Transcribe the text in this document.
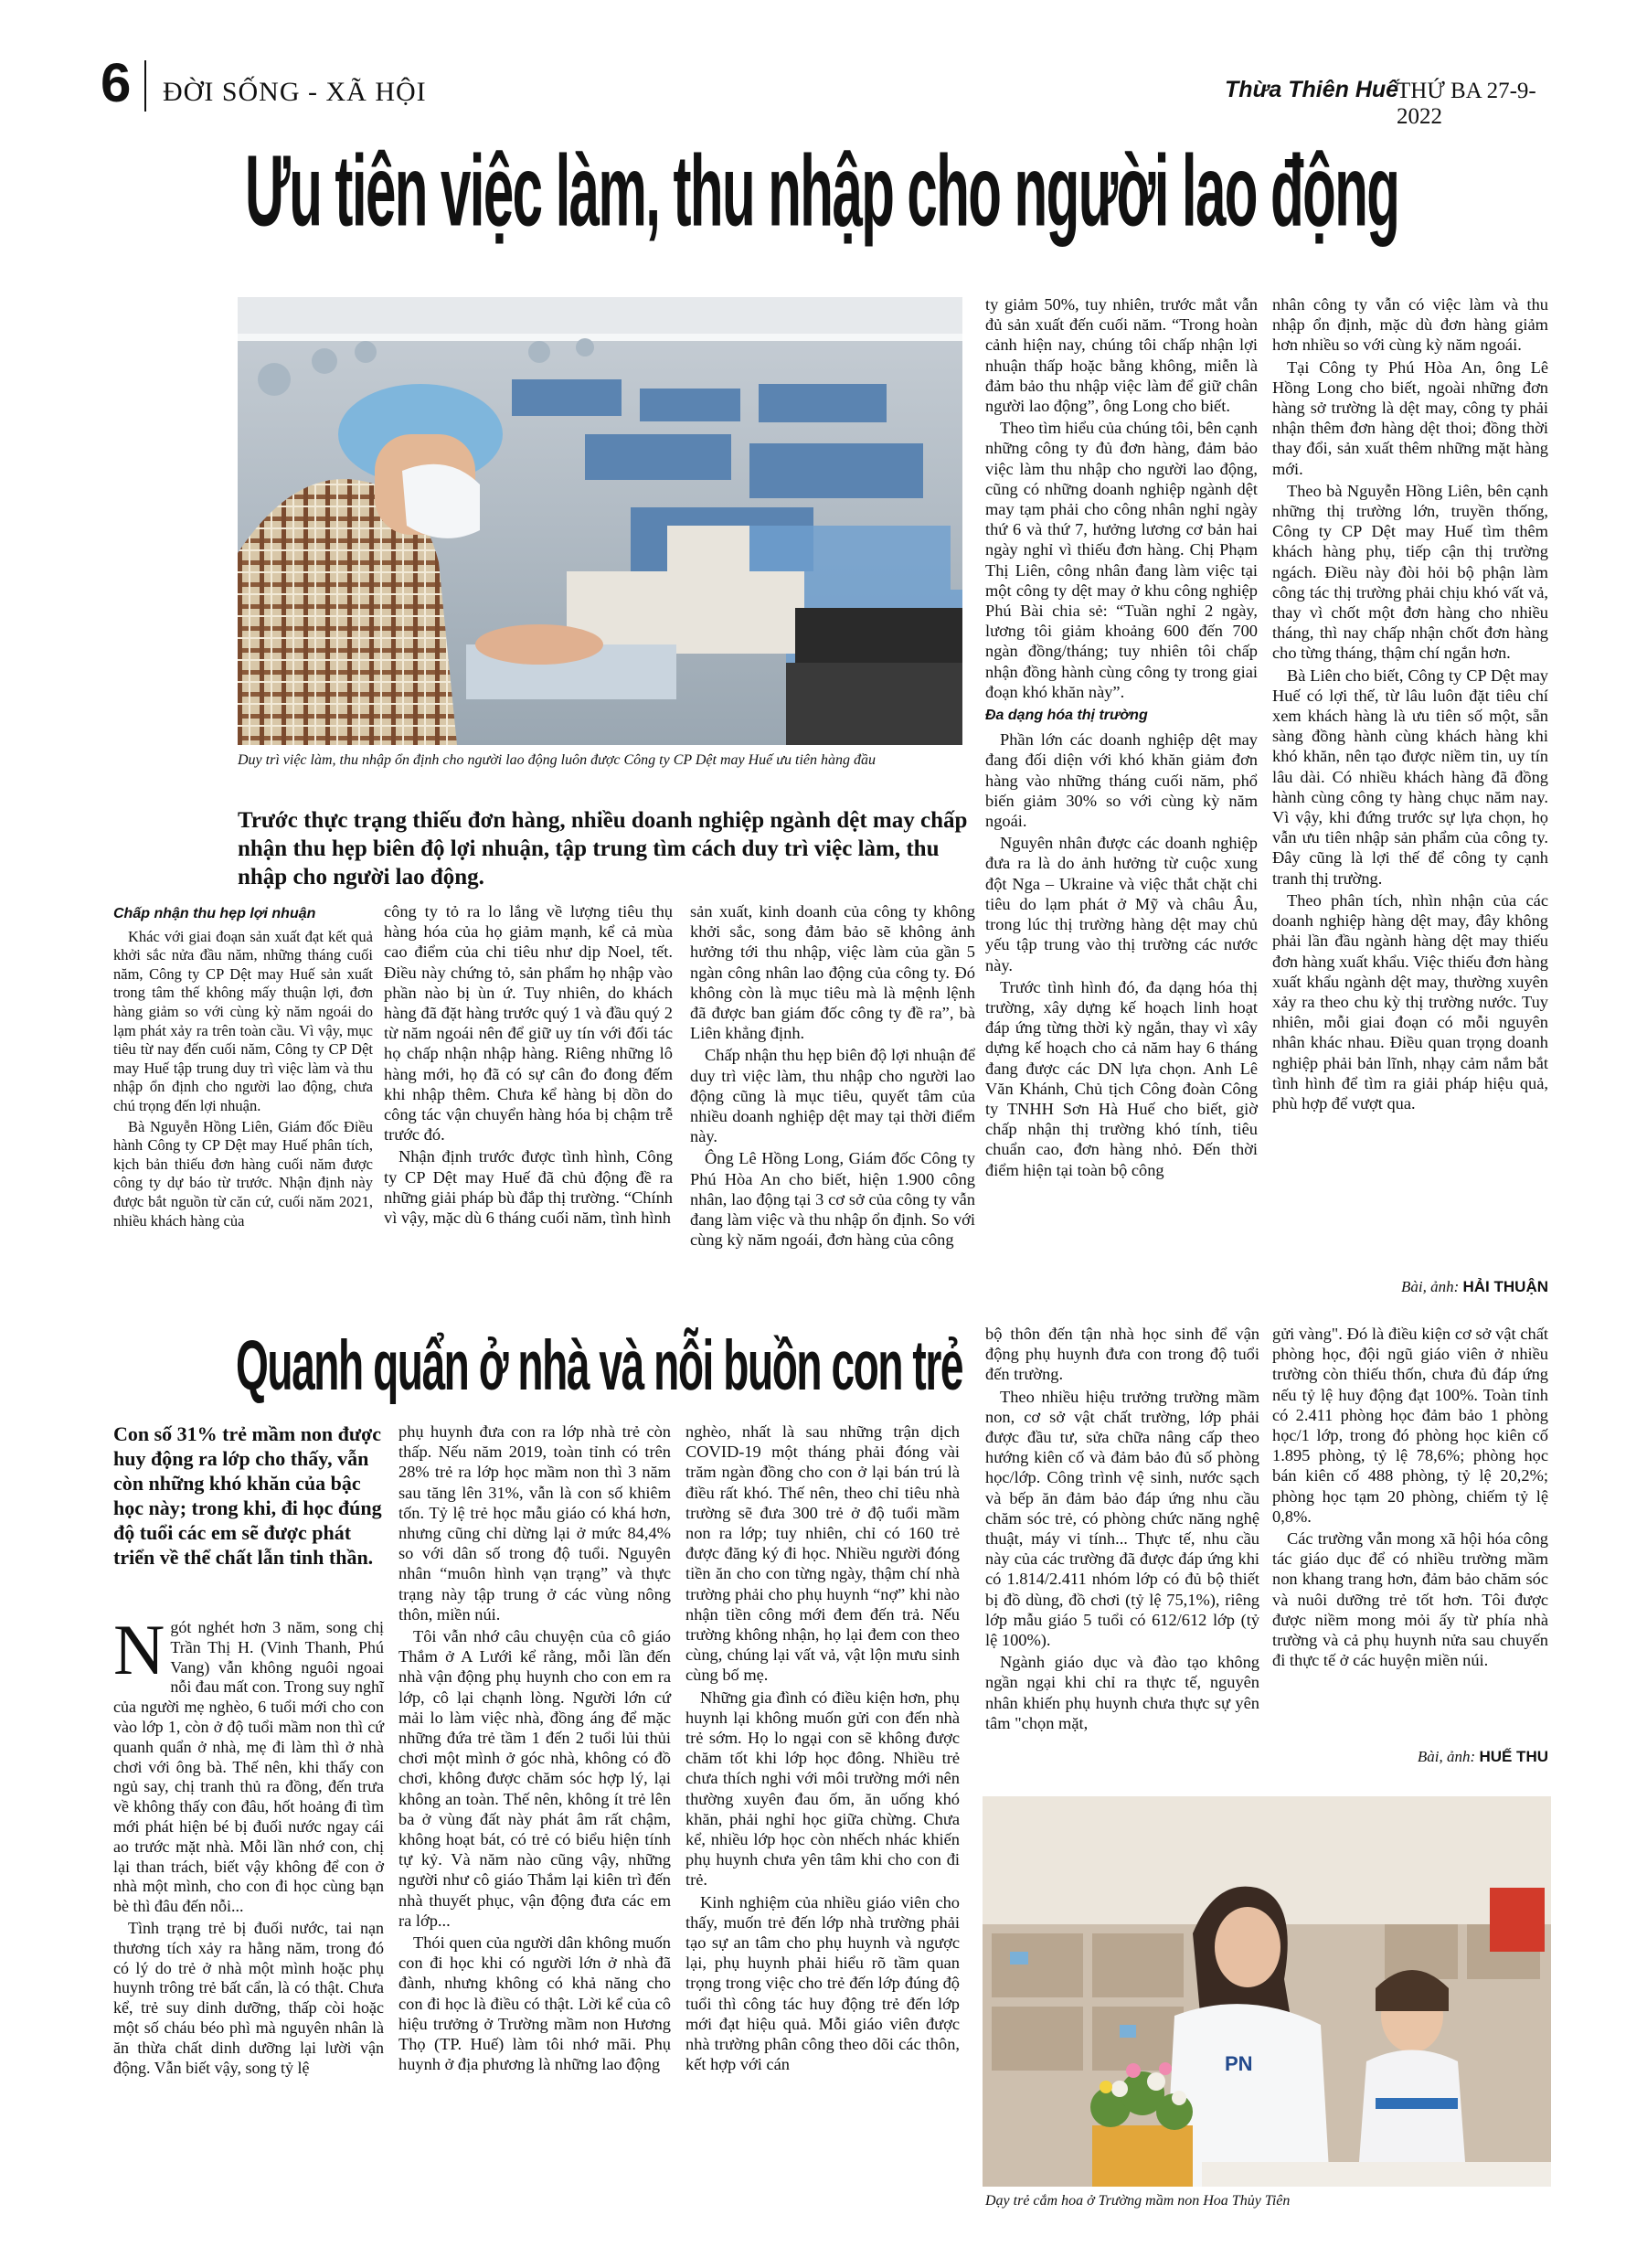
6 ĐỜI SỐNG - XÃ HỘI	Thừa Thiên Huế
THỨ BA 27-9-2022
Ưu tiên việc làm, thu nhập cho người lao động
Duy trì việc làm, thu nhập ổn định cho người lao động luôn được Công ty CP Dệt may Huế ưu tiên hàng đầu
Trước thực trạng thiếu đơn hàng, nhiều doanh nghiệp ngành dệt may chấp nhận thu hẹp biên độ lợi nhuận, tập trung tìm cách duy trì việc làm, thu nhập cho người lao động.
Chấp nhận thu hẹp lợi nhuận

Khác với giai đoạn sản xuất đạt kết quả khởi sắc nửa đầu năm, những tháng cuối năm, Công ty CP Dệt may Huế sản xuất trong tâm thế không mấy thuận lợi, đơn hàng giảm so với cùng kỳ năm ngoái do lạm phát xảy ra trên toàn cầu. Vì vậy, mục tiêu từ nay đến cuối năm, Công ty CP Dệt may Huế tập trung duy trì việc làm và thu nhập ổn định cho người lao động, chưa chú trọng đến lợi nhuận.

Bà Nguyễn Hồng Liên, Giám đốc Điều hành Công ty CP Dệt may Huế phân tích, kịch bản thiếu đơn hàng cuối năm được công ty dự báo từ trước. Nhận định này được bắt nguồn từ căn cứ, cuối năm 2021, nhiều khách hàng của

công ty tỏ ra lo lắng về lượng tiêu thụ hàng hóa của họ giảm mạnh, kể cả mùa cao điểm của chi tiêu như dịp Noel, tết. Điều này chứng tỏ, sản phẩm họ nhập vào phần nào bị ùn ứ. Tuy nhiên, do khách hàng đã đặt hàng trước quý 1 và đầu quý 2 từ năm ngoái nên để giữ uy tín với đối tác họ chấp nhận nhập hàng. Riêng những lô hàng mới, họ đã có sự cân đo đong đếm khi nhập thêm. Chưa kể hàng bị dồn do công tác vận chuyển hàng hóa bị chậm trễ trước đó.

Nhận định trước được tình hình, Công ty CP Dệt may Huế đã chủ động đề ra những giải pháp bù đắp thị trường. “Chính vì vậy, mặc dù 6 tháng cuối năm, tình hình

sản xuất, kinh doanh của công ty không khởi sắc, song đảm bảo sẽ không ảnh hưởng tới thu nhập, việc làm của gần 5 ngàn công nhân lao động của công ty. Đó không còn là mục tiêu mà là mệnh lệnh đã được ban giám đốc công ty đề ra”, bà Liên khẳng định.

Chấp nhận thu hẹp biên độ lợi nhuận để duy trì việc làm, thu nhập cho người lao động cũng là mục tiêu, quyết tâm của nhiều doanh nghiệp dệt may tại thời điểm này.

Ông Lê Hồng Long, Giám đốc Công ty Phú Hòa An cho biết, hiện 1.900 công nhân, lao động tại 3 cơ sở của công ty vẫn đang làm việc và thu nhập ổn định. So với cùng kỳ năm ngoái, đơn hàng của công

ty giảm 50%, tuy nhiên, trước mắt vẫn đủ sản xuất đến cuối năm. “Trong hoàn cảnh hiện nay, chúng tôi chấp nhận lợi nhuận thấp hoặc bằng không, miễn là đảm bảo thu nhập việc làm để giữ chân người lao động”, ông Long cho biết.

Theo tìm hiểu của chúng tôi, bên cạnh những công ty đủ đơn hàng, đảm bảo việc làm thu nhập cho người lao động, cũng có những doanh nghiệp ngành dệt may tạm phải cho công nhân nghỉ ngày thứ 6 và thứ 7, hưởng lương cơ bản hai ngày nghỉ vì thiếu đơn hàng. Chị Phạm Thị Liên, công nhân đang làm việc tại một công ty dệt may ở khu công nghiệp Phú Bài chia sẻ: “Tuần nghỉ 2 ngày, lương tôi giảm khoảng 600 đến 700 ngàn đồng/tháng; tuy nhiên tôi chấp nhận đồng hành cùng công ty trong giai đoạn khó khăn này”.

Đa dạng hóa thị trường

Phần lớn các doanh nghiệp dệt may đang đối diện với khó khăn giảm đơn hàng vào những tháng cuối năm, phổ biến giảm 30% so với cùng kỳ năm ngoái.

Nguyên nhân được các doanh nghiệp đưa ra là do ảnh hưởng từ cuộc xung đột Nga – Ukraine và việc thắt chặt chi tiêu do lạm phát ở Mỹ và châu Âu, trong lúc thị trường hàng dệt may chủ yếu tập trung vào thị trường các nước này.

Trước tình hình đó, đa dạng hóa thị trường, xây dựng kế hoạch linh hoạt đáp ứng từng thời kỳ ngắn, thay vì xây dựng kế hoạch cho cả năm hay 6 tháng đang được các DN lựa chọn. Anh Lê Văn Khánh, Chủ tịch Công đoàn Công ty TNHH Sơn Hà Huế cho biết, giờ chấp nhận thị trường khó tính, tiêu chuẩn cao, đơn hàng nhỏ. Đến thời điểm hiện tại toàn bộ công

nhân công ty vẫn có việc làm và thu nhập ổn định, mặc dù đơn hàng giảm hơn nhiều so với cùng kỳ năm ngoái.

Tại Công ty Phú Hòa An, ông Lê Hồng Long cho biết, ngoài những đơn hàng sở trường là dệt may, công ty phải nhận thêm đơn hàng dệt thoi; đồng thời thay đổi, sản xuất thêm những mặt hàng mới.

Theo bà Nguyễn Hồng Liên, bên cạnh những thị trường lớn, truyền thống, Công ty CP Dệt may Huế tìm thêm khách hàng phụ, tiếp cận thị trường ngách. Điều này đòi hỏi bộ phận làm công tác thị trường phải chịu khó vất vả, thay vì chốt một đơn hàng cho nhiều tháng, thì nay chấp nhận chốt đơn hàng cho từng tháng, thậm chí ngắn hơn.

Bà Liên cho biết, Công ty CP Dệt may Huế có lợi thế, từ lâu luôn đặt tiêu chí xem khách hàng là ưu tiên số một, sẵn sàng đồng hành cùng khách hàng khi khó khăn, nên tạo được niềm tin, uy tín lâu dài. Có nhiều khách hàng đã đồng hành cùng công ty hàng chục năm nay. Vì vậy, khi đứng trước sự lựa chọn, họ vẫn ưu tiên nhập sản phẩm của công ty. Đây cũng là lợi thế để công ty cạnh tranh thị trường.

Theo phân tích, nhìn nhận của các doanh nghiệp hàng dệt may, đây không phải lần đầu ngành hàng dệt may thiếu đơn hàng xuất khẩu. Việc thiếu đơn hàng xuất khẩu ngành dệt may, thường xuyên xảy ra theo chu kỳ thị trường nước. Tuy nhiên, mỗi giai đoạn có mỗi nguyên nhân khác nhau. Điều quan trọng doanh nghiệp phải bản lĩnh, nhạy cảm nắm bắt tình hình để tìm ra giải pháp hiệu quả, phù hợp để vượt qua.

Bài, ảnh: HẢI THUẬN
Quanh quẩn ở nhà và nỗi buồn con trẻ
Con số 31% trẻ mầm non được huy động ra lớp cho thấy, vẫn còn những khó khăn của bậc học này; trong khi, đi học đúng độ tuổi các em sẽ được phát triển về thể chất lẫn tinh thần.

Ngót nghét hơn 3 năm, song chị Trần Thị H. (Vinh Thanh, Phú Vang) vẫn không nguôi ngoai nỗi đau mất con. Trong suy nghĩ của người mẹ nghèo, 6 tuổi mới cho con vào lớp 1, còn ở độ tuổi mầm non thì cứ quanh quẩn ở nhà, mẹ đi làm thì ở nhà chơi với ông bà. Thế nên, khi thấy con ngủ say, chị tranh thủ ra đồng, đến trưa về không thấy con đâu, hốt hoảng đi tìm mới phát hiện bé bị đuối nước ngay cái ao trước mặt nhà. Mỗi lần nhớ con, chị lại than trách, biết vậy không để con ở nhà một mình, cho con đi học cùng bạn bè thì đâu đến nỗi...

Tình trạng trẻ bị đuối nước, tai nạn thương tích xảy ra hằng năm, trong đó có lý do trẻ ở nhà một mình hoặc phụ huynh trông trẻ bất cẩn, là có thật. Chưa kể, trẻ suy dinh dưỡng, thấp còi hoặc một số cháu béo phì mà nguyên nhân là ăn thừa chất dinh dưỡng lại lười vận động. Vẫn biết vậy, song tỷ lệ

phụ huynh đưa con ra lớp nhà trẻ còn thấp. Nếu năm 2019, toàn tỉnh có trên 28% trẻ ra lớp học mầm non thì 3 năm sau tăng lên 31%, vẫn là con số khiêm tốn. Tỷ lệ trẻ học mẫu giáo có khá hơn, nhưng cũng chỉ dừng lại ở mức 84,4% so với dân số trong độ tuổi. Nguyên nhân “muôn hình vạn trạng” và thực trạng này tập trung ở các vùng nông thôn, miền núi.

Tôi vẫn nhớ câu chuyện của cô giáo Thắm ở A Lưới kể rằng, mỗi lần đến nhà vận động phụ huynh cho con em ra lớp, cô lại chạnh lòng. Người lớn cứ mải lo làm việc nhà, đồng áng để mặc những đứa trẻ tầm 1 đến 2 tuổi lủi thủi chơi một mình ở góc nhà, không có đồ chơi, không được chăm sóc hợp lý, lại không an toàn. Thế nên, không ít trẻ lên ba ở vùng đất này phát âm rất chậm, không hoạt bát, có trẻ có biểu hiện tính tự kỷ. Và năm nào cũng vậy, những người như cô giáo Thắm lại kiên trì đến nhà thuyết phục, vận động đưa các em ra lớp...

Thói quen của người dân không muốn con đi học khi có người lớn ở nhà đã đành, nhưng không có khả năng cho con đi học là điều có thật. Lời kể của cô hiệu trưởng ở Trường mầm non Hương Thọ (TP. Huế) làm tôi nhớ mãi. Phụ huynh ở địa phương là những lao động

nghèo, nhất là sau những trận dịch COVID-19 một tháng phải đóng vài trăm ngàn đồng cho con ở lại bán trú là điều rất khó. Thế nên, theo chỉ tiêu nhà trường sẽ đưa 300 trẻ ở độ tuổi mầm non ra lớp; tuy nhiên, chỉ có 160 trẻ được đăng ký đi học. Nhiều người đóng tiền ăn cho con từng ngày, thậm chí nhà trường phải cho phụ huynh “nợ” khi nào nhận tiền công mới đem đến trả. Nếu trường không nhận, họ lại đem con theo cùng, chúng lại vất vả, vật lộn mưu sinh cùng bố mẹ.

Những gia đình có điều kiện hơn, phụ huynh lại không muốn gửi con đến nhà trẻ sớm. Họ lo ngại con sẽ không được chăm tốt khi lớp học đông. Nhiều trẻ chưa thích nghi với môi trường mới nên thường xuyên đau ốm, ăn uống khó khăn, phải nghỉ học giữa chừng. Chưa kể, nhiều lớp học còn nhếch nhác khiến phụ huynh chưa yên tâm khi cho con đi trẻ.

Kinh nghiệm của nhiều giáo viên cho thấy, muốn trẻ đến lớp nhà trường phải tạo sự an tâm cho phụ huynh và ngược lại, phụ huynh phải hiểu rõ tầm quan trọng trong việc cho trẻ đến lớp đúng độ tuổi thì công tác huy động trẻ đến lớp mới đạt hiệu quả. Mỗi giáo viên được nhà trường phân công theo dõi các thôn, kết hợp với cán

bộ thôn đến tận nhà học sinh để vận động phụ huynh đưa con trong độ tuổi đến trường.

Theo nhiều hiệu trưởng trường mầm non, cơ sở vật chất trường, lớp phải được đầu tư, sửa chữa nâng cấp theo hướng kiên cố và đảm bảo đủ số phòng học/lớp. Công trình vệ sinh, nước sạch và bếp ăn đảm bảo đáp ứng nhu cầu chăm sóc trẻ, có phòng chức năng nghệ thuật, máy vi tính... Thực tế, nhu cầu này của các trường đã được đáp ứng khi có 1.814/2.411 nhóm lớp có đủ bộ thiết bị đồ dùng, đồ chơi (tỷ lệ 75,1%), riêng lớp mẫu giáo 5 tuổi có 612/612 lớp (tỷ lệ 100%).

Ngành giáo dục và đào tạo không ngần ngại khi chỉ ra thực tế, nguyên nhân khiến phụ huynh chưa thực sự yên tâm "chọn mặt,

gửi vàng". Đó là điều kiện cơ sở vật chất phòng học, đội ngũ giáo viên ở nhiều trường còn thiếu thốn, chưa đủ đáp ứng nếu tỷ lệ huy động đạt 100%. Toàn tỉnh có 2.411 phòng học đảm bảo 1 phòng học/1 lớp, trong đó phòng học kiên cố 1.895 phòng, tỷ lệ 78,6%; phòng học bán kiên cố 488 phòng, tỷ lệ 20,2%; phòng học tạm 20 phòng, chiếm tỷ lệ 0,8%.

Các trường vẫn mong xã hội hóa công tác giáo dục để có nhiều trường mầm non khang trang hơn, đảm bảo chăm sóc và nuôi dưỡng trẻ tốt hơn. Tôi được được niềm mong mỏi ấy từ phía nhà trường và cả phụ huynh nửa sau chuyến đi thực tế ở các huyện miền núi.

Bài, ảnh: HUẾ THU
PN
Dạy trẻ cắm hoa ở Trường mầm non Hoa Thủy Tiên
